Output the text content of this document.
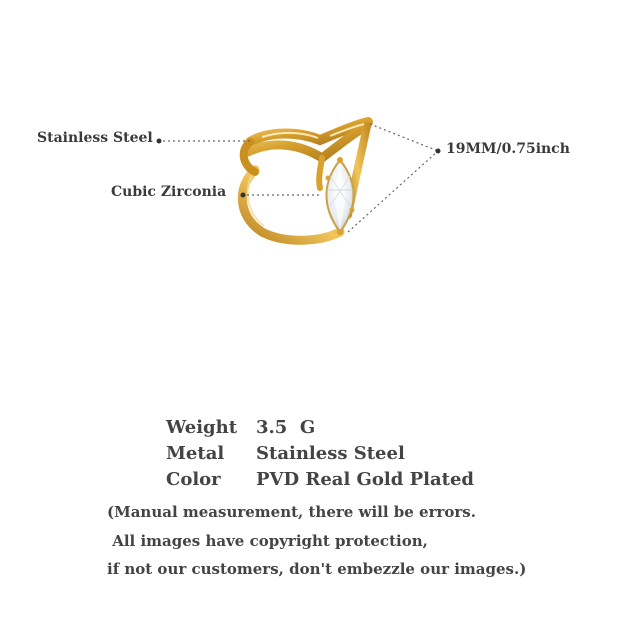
Stainless Steel
Cubic Zirconia
19MM/0.75inch
Weight 3.5  G
Metal Stainless Steel
Color PVD Real Gold Plated
(Manual measurement, there will be errors.
All images have copyright protection,
if not our customers, don't embezzle our images.)
